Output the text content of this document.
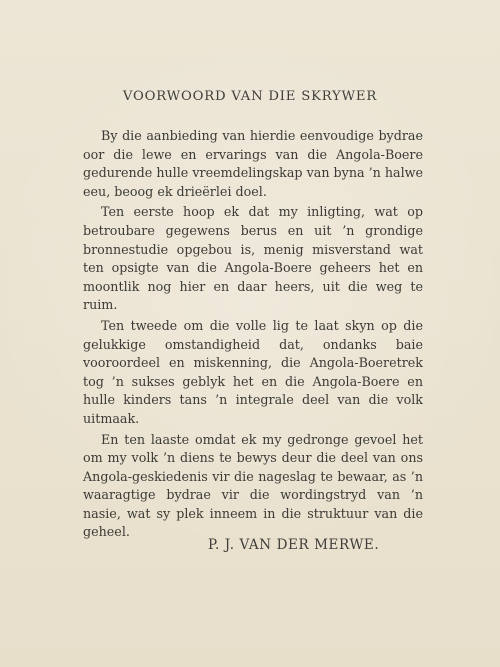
VOORWOORD VAN DIE SKRYWER

By die aanbieding van hierdie eenvoudige bydrae oor die lewe en ervarings van die Angola-Boere gedurende hulle vreemdelingskap van byna ’n halwe eeu, beoog ek drieërlei doel.

Ten eerste hoop ek dat my inligting, wat op betroubare gegewens berus en uit ’n grondige bronnestudie opgebou is, menig misverstand wat ten opsigte van die Angola-Boere geheers het en moontlik nog hier en daar heers, uit die weg te ruim.

Ten tweede om die volle lig te laat skyn op die gelukkige omstandigheid dat, ondanks baie vooroordeel en miskenning, die Angola-Boeretrek tog ’n sukses geblyk het en die Angola-Boere en hulle kinders tans ’n integrale deel van die volk uitmaak.

En ten laaste omdat ek my gedronge gevoel het om my volk ’n diens te bewys deur die deel van ons Angola-geskiedenis vir die nageslag te bewaar, as ’n waaragtige bydrae vir die wordingstryd van ’n nasie, wat sy plek inneem in die struktuur van die geheel.

P. J. VAN DER MERWE.
